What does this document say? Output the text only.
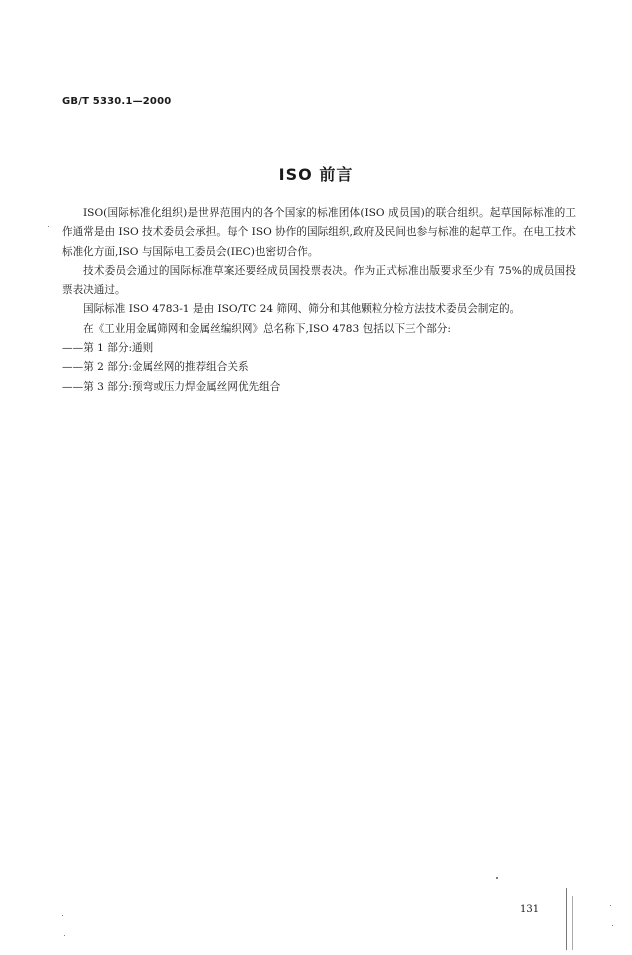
GB/T 5330.1—2000
ISO 前言

ISO(国际标准化组织)是世界范围内的各个国家的标准团体(ISO 成员国)的联合组织。起草国际标准的工作通常是由 ISO 技术委员会承担。每个 ISO 协作的国际组织,政府及民间也参与标准的起草工作。在电工技术标准化方面,ISO 与国际电工委员会(IEC)也密切合作。

技术委员会通过的国际标准草案还要经成员国投票表决。作为正式标准出版要求至少有 75%的成员国投票表决通过。

国际标准 ISO 4783-1 是由 ISO/TC 24 筛网、筛分和其他颗粒分检方法技术委员会制定的。

在《工业用金属筛网和金属丝编织网》总名称下,ISO 4783 包括以下三个部分:

——第 1 部分:通则

——第 2 部分:金属丝网的推荐组合关系

——第 3 部分:预弯或压力焊金属丝网优先组合

131
